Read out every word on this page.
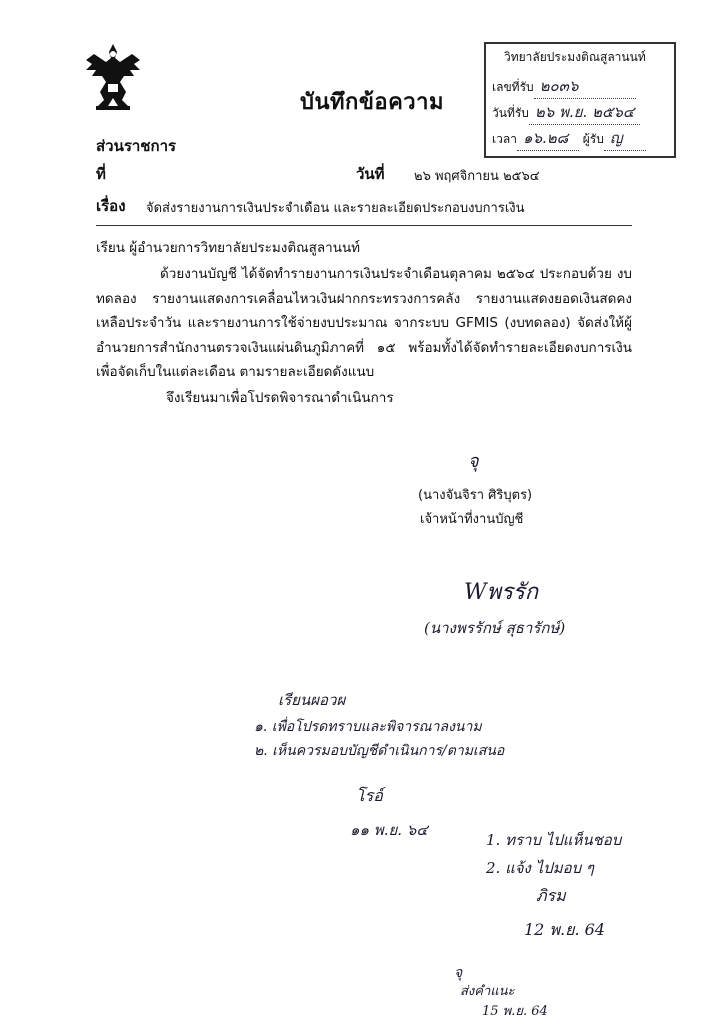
บันทึกข้อความ
วิทยาลัยประมงติณสูลานนท์
เลขที่รับ ๒๐๓๖
วันที่รับ ๒๖ พ.ย. ๒๕๖๔
เวลา ๑๖.๒๘ ผู้รับ ญ
ส่วนราชการ
ที่	วันที่ ๒๖ พฤศจิกายน ๒๕๖๔
เรื่อง จัดส่งรายงานการเงินประจำเดือน และรายละเอียดประกอบงบการเงิน
เรียน ผู้อำนวยการวิทยาลัยประมงติณสูลานนท์
ด้วยงานบัญชี ได้จัดทำรายงานการเงินประจำเดือนตุลาคม ๒๕๖๔ ประกอบด้วย งบทดลอง รายงานแสดงการเคลื่อนไหวเงินฝากกระทรวงการคลัง รายงานแสดงยอดเงินสดคงเหลือประจำวัน และรายงานการใช้จ่ายงบประมาณ จากระบบ GFMIS (งบทดลอง) จัดส่งให้ผู้อำนวยการสำนักงานตรวจเงินแผ่นดินภูมิภาคที่ ๑๕ พร้อมทั้งได้จัดทำรายละเอียดงบการเงิน เพื่อจัดเก็บในแต่ละเดือน ตามรายละเอียดดังแนบ
จึงเรียนมาเพื่อโปรดพิจารณาดำเนินการ
จุ
(นางจันจิรา ศิริบุตร)
เจ้าหน้าที่งานบัญชี
Wพรรัก
(นางพรรักษ์ สุธารักษ์)
เรียนผอวผ
๑. เพื่อโปรดทราบและพิจารณาลงนาม
๒. เห็นควรมอบบัญชีดำเนินการ/ตามเสนอ
โรอ์
๑๑ พ.ย. ๖๔
1. ทราบ ไปแห็นชอบ
2. แจ้ง ไปมอบ ๆ
ภิรม
12 พ.ย. 64
จุ
ส่งคำแนะ
15 พ.ย. 64
